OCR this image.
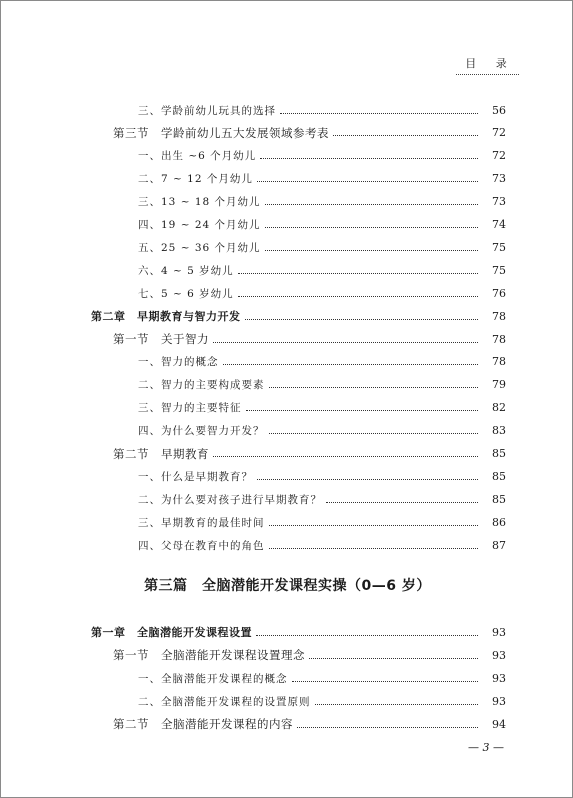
目 录
三、学龄前幼儿玩具的选择	56
第三节　学龄前幼儿五大发展领域参考表	72
一、出生 ~6 个月幼儿	72
二、7 ~ 12 个月幼儿	73
三、13 ~ 18 个月幼儿	73
四、19 ~ 24 个月幼儿	74
五、25 ~ 36 个月幼儿	75
六、4 ~ 5 岁幼儿	75
七、5 ~ 6 岁幼儿	76
第二章　早期教育与智力开发	78
第一节　关于智力	78
一、智力的概念	78
二、智力的主要构成要素	79
三、智力的主要特征	82
四、为什么要智力开发？	83
第二节　早期教育	85
一、什么是早期教育？	85
二、为什么要对孩子进行早期教育？	85
三、早期教育的最佳时间	86
四、父母在教育中的角色	87
第一章　全脑潜能开发课程设置	93
第一节　全脑潜能开发课程设置理念	93
一、全脑潜能开发课程的概念	93
二、全脑潜能开发课程的设置原则	93
第二节　全脑潜能开发课程的内容	94
第三篇　全脑潜能开发课程实操（0—6 岁）
— 3 —
